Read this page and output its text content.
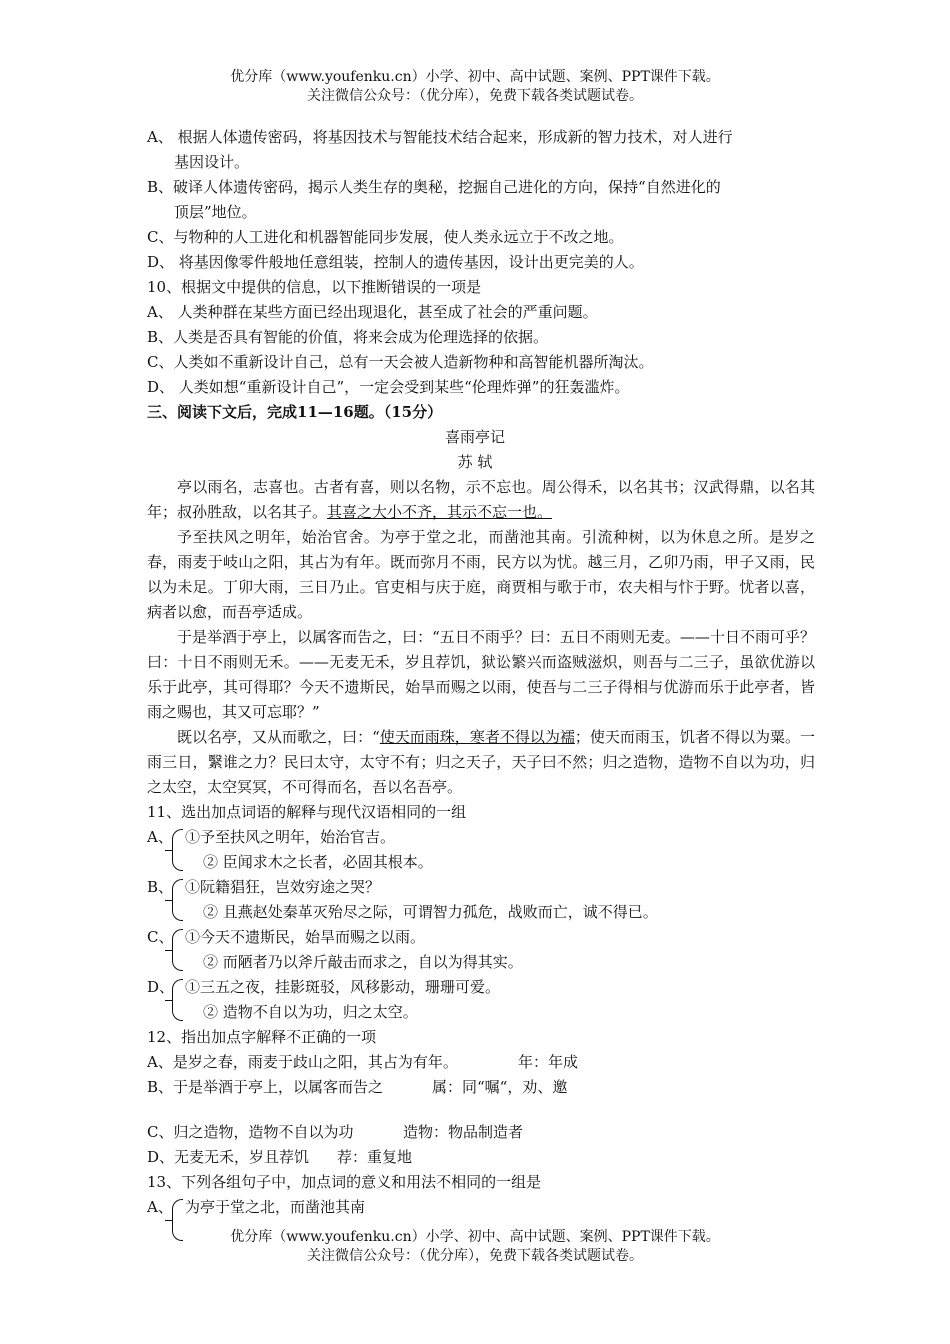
优分库（www.youfenku.cn）小学、初中、高中试题、案例、PPT课件下载。
关注微信公众号：（优分库），免费下载各类试题试卷。
A、 根据人体遗传密码，将基因技术与智能技术结合起来，形成新的智力技术，对人进行
基因设计。
B、破译人体遗传密码，揭示人类生存的奥秘，挖掘自己进化的方向，保持“自然进化的
顶层”地位。
C、与物种的人工进化和机器智能同步发展，使人类永远立于不改之地。
D、 将基因像零件般地任意组装，控制人的遗传基因，设计出更完美的人。
10、根据文中提供的信息，以下推断错误的一项是
A、 人类种群在某些方面已经出现退化，甚至成了社会的严重问题。
B、人类是否具有智能的价值，将来会成为伦理选择的依据。
C、人类如不重新设计自己，总有一天会被人造新物种和高智能机器所淘汰。
D、 人类如想“重新设计自己”，一定会受到某些“伦理炸弹”的狂轰滥炸。
三、阅读下文后，完成11—16题。（15分）
喜雨亭记
苏 轼
亭以雨名，志喜也。古者有喜，则以名物，示不忘也。周公得禾，以名其书；汉武得鼎，以名其年；叔孙胜敌，以名其子。其喜之大小不齐，其示不忘一也。
予至扶风之明年，始治官舍。为亭于堂之北，而凿池其南。引流种树，以为休息之所。是岁之春，雨麦于岐山之阳，其占为有年。既而弥月不雨，民方以为忧。越三月，乙卯乃雨，甲子又雨，民以为未足。丁卯大雨，三日乃止。官吏相与庆于庭，商贾相与歌于市，农夫相与忭于野。忧者以喜，病者以愈，而吾亭适成。
于是举酒于亭上，以属客而告之，曰：“五日不雨乎？曰：五日不雨则无麦。——十日不雨可乎？曰：十日不雨则无禾。——无麦无禾，岁且荐饥，狱讼繁兴而盗贼滋炽，则吾与二三子，虽欲优游以乐于此亭，其可得耶？今天不遗斯民，始旱而赐之以雨，使吾与二三子得相与优游而乐于此亭者，皆雨之赐也，其又可忘耶？”
既以名亭，又从而歌之，曰：“使天而雨珠，寒者不得以为襦；使天而雨玉，饥者不得以为粟。一雨三日，繄谁之力？民曰太守，太守不有；归之天子，天子曰不然；归之造物，造物不自以为功，归之太空，太空冥冥，不可得而名，吾以名吾亭。
11、选出加点词语的解释与现代汉语相同的一组
A、 ①予至扶风之明年，始治官吉。
② 臣闻求木之长者，必固其根本。
B、 ①阮籍猖狂，岂效穷途之哭？
② 且燕赵处秦革灭殆尽之际，可谓智力孤危，战败而亡，诚不得已。
C、 ①今天不遗斯民，始旱而赐之以雨。
② 而陋者乃以斧斤敲击而求之，自以为得其实。
D、 ①三五之夜，挂影斑驳，风移影动，珊珊可爱。
② 造物不自以为功，归之太空。
12、指出加点字解释不正确的一项
A、是岁之春，雨麦于歧山之阳，其占为有年。	年：年成
B、于是举酒于亭上，以属客而告之	属：同“嘱“，劝、邀
C、归之造物，造物不自以为功	造物：物品制造者
D、无麦无禾，岁且荐饥	荐：重复地
13、下列各组句子中，加点词的意义和用法不相同的一组是
A、 为亭于堂之北，而凿池其南
优分库（www.youfenku.cn）小学、初中、高中试题、案例、PPT课件下载。
关注微信公众号：（优分库），免费下载各类试题试卷。
